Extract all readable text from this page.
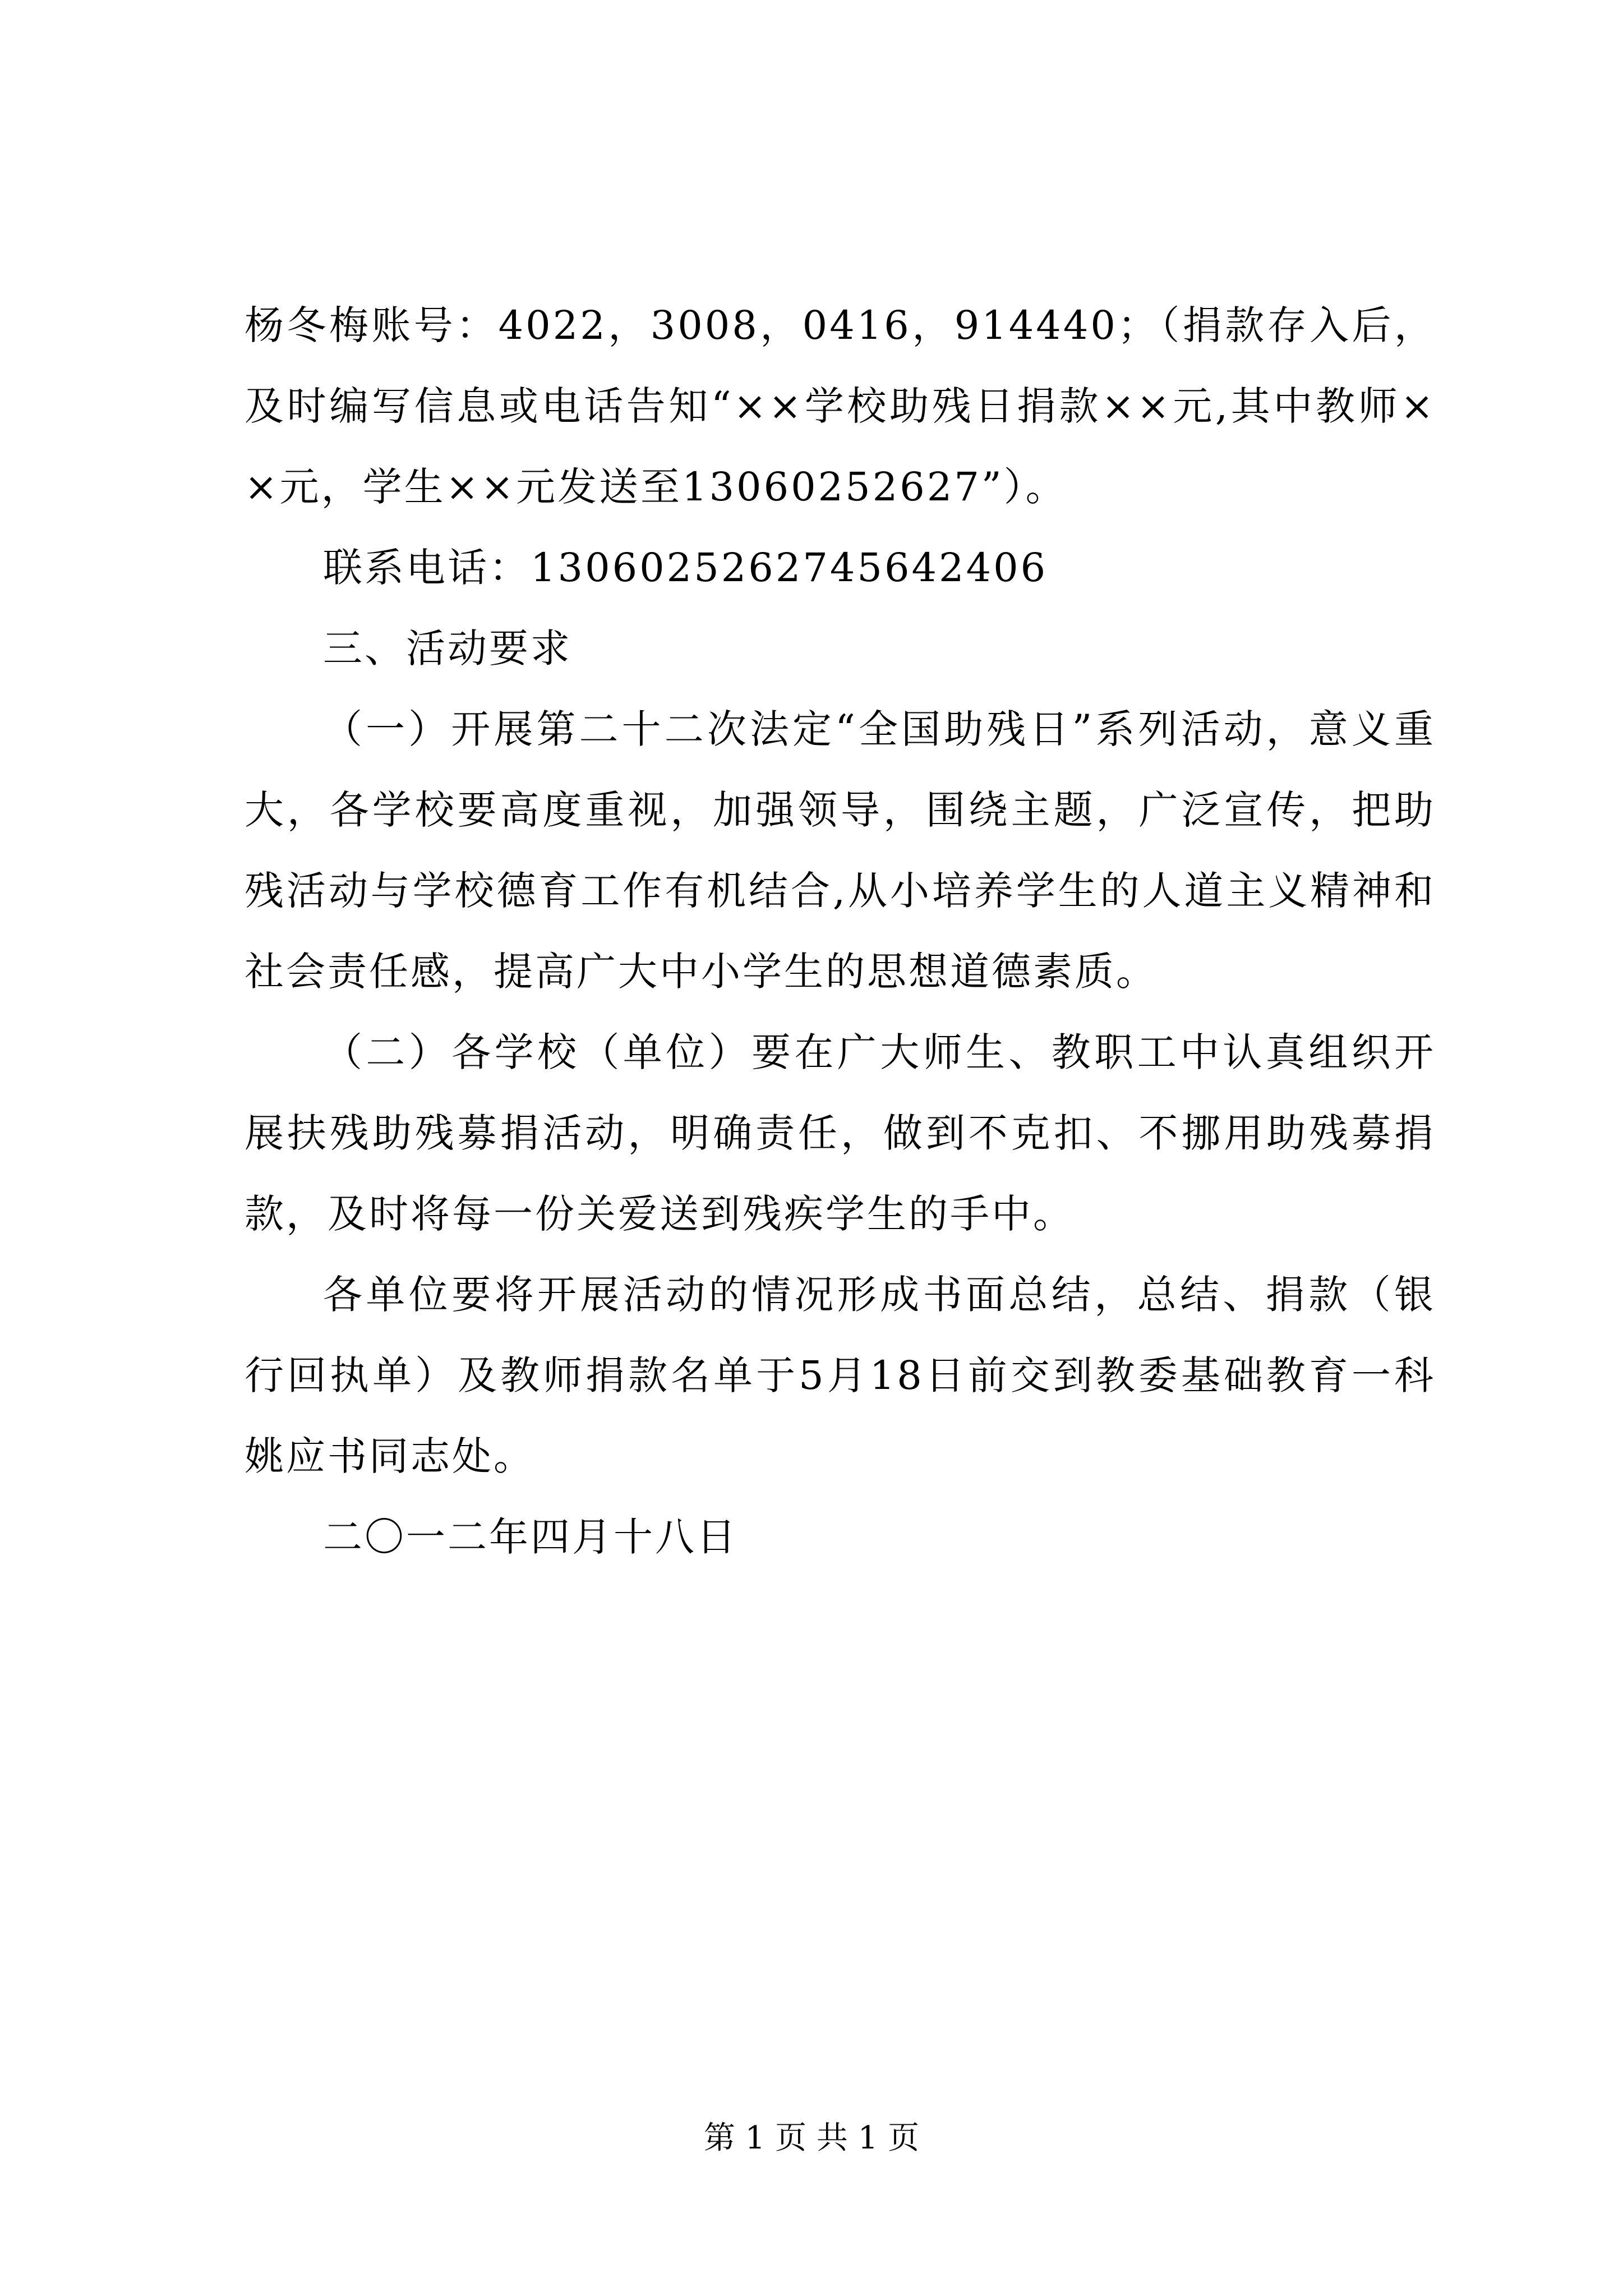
杨冬梅账号：4022，3008，0416，914440；（捐款存入后，及时编写信息或电话告知“××学校助残日捐款××元,其中教师××元，学生××元发送至13060252627”）。

联系电话：1306025262745642406

三、活动要求

（一）开展第二十二次法定“全国助残日”系列活动，意义重大，各学校要高度重视，加强领导，围绕主题，广泛宣传，把助残活动与学校德育工作有机结合,从小培养学生的人道主义精神和社会责任感，提高广大中小学生的思想道德素质。

（二）各学校（单位）要在广大师生、教职工中认真组织开展扶残助残募捐活动，明确责任，做到不克扣、不挪用助残募捐款，及时将每一份关爱送到残疾学生的手中。

各单位要将开展活动的情况形成书面总结，总结、捐款（银行回执单）及教师捐款名单于5月18日前交到教委基础教育一科姚应书同志处。

二〇一二年四月十八日

第 1 页 共 1 页
